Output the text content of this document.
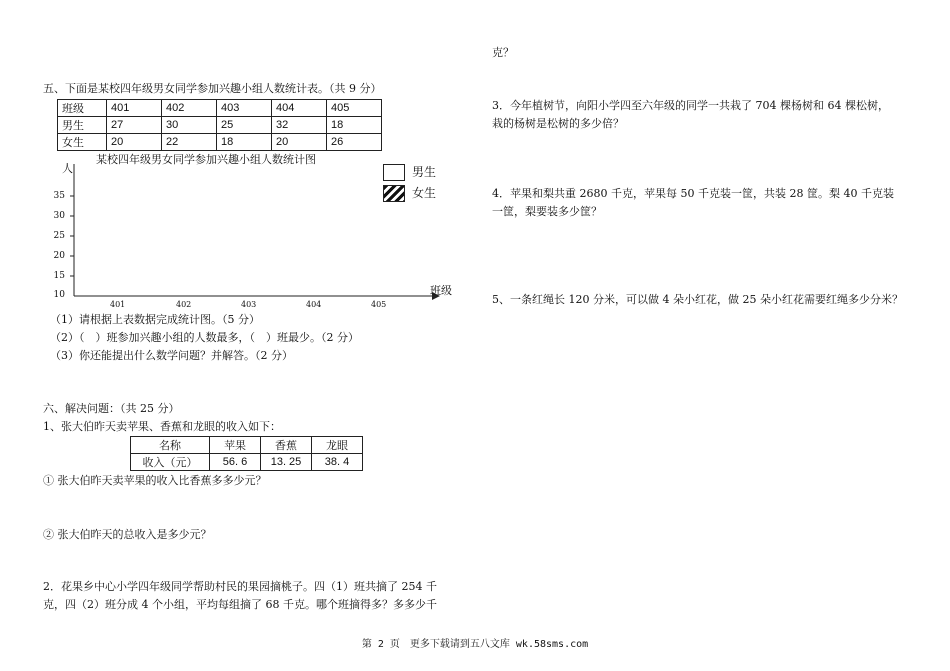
克？
五、下面是某校四年级男女同学参加兴趣小组人数统计表。（共 9 分）
班级	401	402	403	404	405
男生	27	30	25	32	18
女生	20	22	18	20	26
人
某校四年级男女同学参加兴趣小组人数统计图
35
30
25
20
15
10
401	402	403	404	405
班级
男生
女生
（1）请根据上表数据完成统计图。（5 分）
（2）（　）班参加兴趣小组的人数最多，（　）班最少。（2 分）
（3）你还能提出什么数学问题？并解答。（2 分）
六、解决问题：（共 25 分）
1、张大伯昨天卖苹果、香蕉和龙眼的收入如下：
名称	苹果	香蕉	龙眼
收入（元）	56. 6	13. 25	38. 4
① 张大伯昨天卖苹果的收入比香蕉多多少元？
② 张大伯昨天的总收入是多少元？
2．花果乡中心小学四年级同学帮助村民的果园摘桃子。四（1）班共摘了 254 千
克，四（2）班分成 4 个小组，平均每组摘了 68 千克。哪个班摘得多？多多少千
3．今年植树节，向阳小学四至六年级的同学一共栽了 704 棵杨树和 64 棵松树，
栽的杨树是松树的多少倍？
4．苹果和梨共重 2680 千克，苹果每 50 千克装一筐，共装 28 筐。梨 40 千克装
一筐，梨要装多少筐？
5、一条红绳长 120 分米，可以做 4 朵小红花，做 25 朵小红花需要红绳多少分米？
第 2 页　更多下载请到五八文库 wk.58sms.com
